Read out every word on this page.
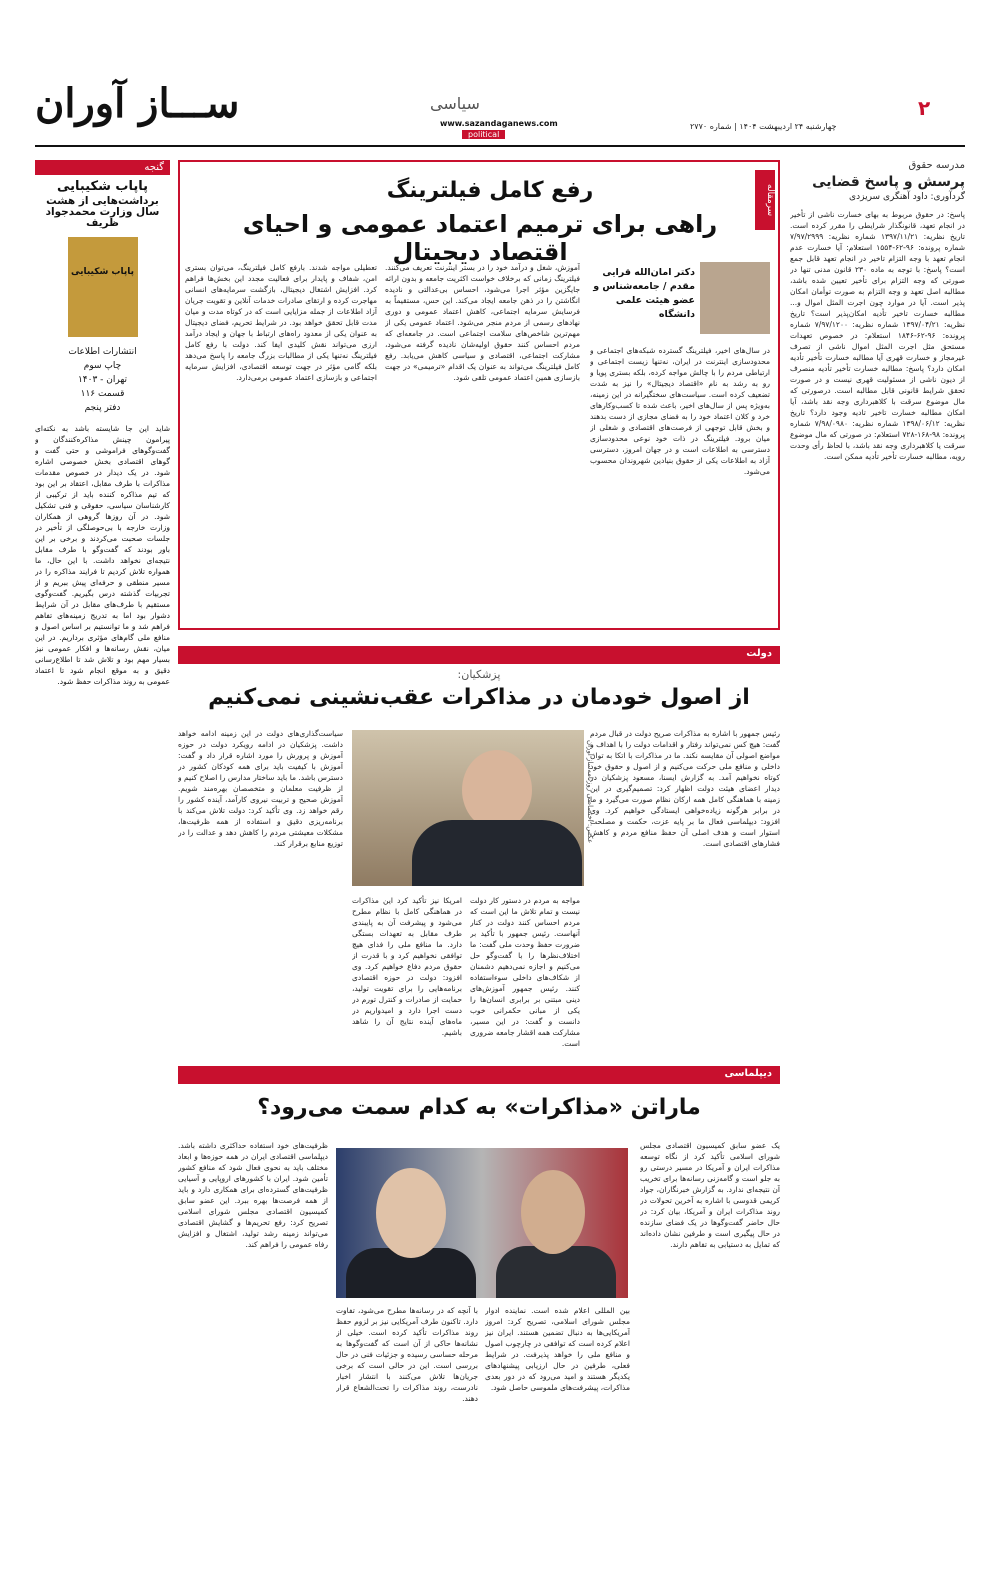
ســـاز آوران	سیاسی
www.sazandaganews.com
political
۲
چهارشنبه ۲۴ اردیبهشت ۱۴۰۴ | شماره ۲۷۷۰
مدرسه حقوق
پرسش و پاسخ قضایی
گردآوری: داود آهنگری سریزدی
پاسخ: در حقوق مربوط به بهای خسارت ناشی از تأخیر در انجام تعهد، قانونگذار شرایطی را مقرر کرده است. تاریخ نظریه: ۱۳۹۷/۱۱/۲۱ شماره نظریه: ۷/۹۷/۲۹۹۹ شماره پرونده: ۹۶-۶۲-۱۵۵۴ استعلام: آیا خسارت عدم انجام تعهد با وجه التزام تاخیر در انجام تعهد قابل جمع است؟ پاسخ: با توجه به ماده ۲۳۰ قانون مدنی تنها در صورتی که وجه التزام برای تأخیر تعیین شده باشد، مطالبه اصل تعهد و وجه التزام به صورت توأمان امکان پذیر است. آیا در موارد چون اجرت المثل اموال و... مطالبه خسارت تاخیر تأدیه امکان‌پذیر است؟ تاریخ نظریه: ۱۳۹۷/۰۴/۲۱ شماره نظریه: ۷/۹۷/۱۲۰۰ شماره پرونده: ۹۶-۶۲-۱۸۴۶ استعلام: در خصوص تعهدات مستحق مثل اجرت المثل اموال ناشی از تصرف غیرمجاز و خسارت قهری آیا مطالبه خسارت تأخیر تأدیه امکان دارد؟ پاسخ: مطالبه خسارت تأخیر تأدیه منصرف از دیون ناشی از مسئولیت قهری نیست و در صورت تحقق شرایط قانونی قابل مطالبه است. درصورتی که مال موضوع سرقت با کلاهبرداری وجه نقد باشد، آیا امکان مطالبه خسارت تاخیر تادیه وجود دارد؟ تاریخ نظریه: ۱۳۹۸/۰۶/۱۲ شماره نظریه: ۷/۹۸/۰۹۸۰ شماره پرونده: ۹۸-۱۶۸-۷۲۸ استعلام: در صورتی که مال موضوع سرقت یا کلاهبرداری وجه نقد باشد، با لحاظ رأی وحدت رویه، مطالبه خسارت تأخیر تأدیه ممکن است.
گنجه
پاپاب شکیبایی
برداشت‌هایی از هشت سال وزارت محمدجواد ظریف
پاپاب شکیبایی
انتشارات اطلاعات
چاپ سوم
تهران - ۱۴۰۳
قسمت ۱۱۶
دفتر پنجم
شاید این جا شایسته باشد به نکته‌ای پیرامون چینش مذاکره‌کنندگان و گفت‌وگوهای فراموشی و حتی گفت و گوهای اقتصادی بخش خصوصی اشاره شود. در یک دیدار در خصوص مقدمات مذاکرات با طرف مقابل، اعتقاد بر این بود که تیم مذاکره کننده باید از ترکیبی از کارشناسان سیاسی، حقوقی و فنی تشکیل شود. در آن روزها گروهی از همکاران وزارت خارجه با بی‌حوصلگی از تأخیر در جلسات صحبت می‌کردند و برخی بر این باور بودند که گفت‌وگو با طرف مقابل نتیجه‌ای نخواهد داشت. با این حال، ما همواره تلاش کردیم تا فرایند مذاکره را در مسیر منطقی و حرفه‌ای پیش ببریم و از تجربیات گذشته درس بگیریم. گفت‌وگوی مستقیم با طرف‌های مقابل در آن شرایط دشوار بود اما به تدریج زمینه‌های تفاهم فراهم شد و ما توانستیم بر اساس اصول و منافع ملی گام‌های مؤثری برداریم. در این میان، نقش رسانه‌ها و افکار عمومی نیز بسیار مهم بود و تلاش شد تا اطلاع‌رسانی دقیق و به موقع انجام شود تا اعتماد عمومی به روند مذاکرات حفظ شود.
سرمقاله
رفع کامل فیلترینگ
راهی برای ترمیم اعتماد عمومی و احیای اقتصاد دیجیتال
دکتر امان‌الله قرایی
مقدم / جامعه‌شناس و عضو هیئت علمی دانشگاه
در سال‌های اخیر، فیلترینگ گسترده شبکه‌های اجتماعی و محدودسازی اینترنت در ایران، نه‌تنها زیست اجتماعی و ارتباطی مردم را با چالش مواجه کرده، بلکه بستری پویا و رو به رشد به نام «اقتصاد دیجیتال» را نیز به شدت تضعیف کرده است. سیاست‌های سختگیرانه در این زمینه، به‌ویژه پس از سال‌های اخیر، باعث شده تا کسب‌وکارهای خرد و کلان اعتماد خود را به فضای مجازی از دست بدهند و بخش قابل توجهی از فرصت‌های اقتصادی و شغلی از میان برود. فیلترینگ در ذات خود نوعی محدودسازی دسترسی به اطلاعات است و در جهان امروز، دسترسی آزاد به اطلاعات یکی از حقوق بنیادین شهروندان محسوب می‌شود.
آموزش، شغل و درآمد خود را در بستر اینترنت تعریف می‌کنند. فیلترینگ زمانی که برخلاف خواست اکثریت جامعه و بدون ارائه جایگزین مؤثر اجرا می‌شود، احساس بی‌عدالتی و نادیده انگاشتن را در ذهن جامعه ایجاد می‌کند. این حس، مستقیماً به فرسایش سرمایه اجتماعی، کاهش اعتماد عمومی و دوری نهادهای رسمی از مردم منجر می‌شود. اعتماد عمومی یکی از مهم‌ترین شاخص‌های سلامت اجتماعی است. در جامعه‌ای که مردم احساس کنند حقوق اولیه‌شان نادیده گرفته می‌شود، مشارکت اجتماعی، اقتصادی و سیاسی کاهش می‌یابد. رفع کامل فیلترینگ می‌تواند به عنوان یک اقدام «ترمیمی» در جهت بازسازی همین اعتماد عمومی تلقی شود.
تعطیلی مواجه شدند. بارفع کامل فیلترینگ، می‌توان بستری امن، شفاف و پایدار برای فعالیت مجدد این بخش‌ها فراهم کرد. افزایش اشتغال دیجیتال، بازگشت سرمایه‌های انسانی مهاجرت کرده و ارتقای صادرات خدمات آنلاین و تقویت جریان آزاد اطلاعات از جمله مزایایی است که در کوتاه مدت و میان مدت قابل تحقق خواهد بود. در شرایط تحریم، فضای دیجیتال به عنوان یکی از معدود راه‌های ارتباط با جهان و ایجاد درآمد ارزی می‌تواند نقش کلیدی ایفا کند. دولت با رفع کامل فیلترینگ نه‌تنها یکی از مطالبات بزرگ جامعه را پاسخ می‌دهد بلکه گامی مؤثر در جهت توسعه اقتصادی، افزایش سرمایه اجتماعی و بازسازی اعتماد عمومی برمی‌دارد.
دولت
پزشکیان:
از اصول خودمان در مذاکرات عقب‌نشینی نمی‌کنیم
رئیس جمهور با اشاره به مذاکرات صریح دولت در قبال مردم گفت: هیچ کس نمی‌تواند رفتار و اقدامات دولت را با اهداف و مواضع اصولی آن مقایسه نکند. ما در مذاکرات با اتکا به توان داخلی و منافع ملی حرکت می‌کنیم و از اصول و حقوق خود کوتاه نخواهیم آمد. به گزارش ایسنا، مسعود پزشکیان در دیدار اعضای هیئت دولت اظهار کرد: تصمیم‌گیری در این زمینه با هماهنگی کامل همه ارکان نظام صورت می‌گیرد و ما در برابر هرگونه زیاده‌خواهی ایستادگی خواهیم کرد. وی افزود: دیپلماسی فعال ما بر پایه عزت، حکمت و مصلحت استوار است و هدف اصلی آن حفظ منافع مردم و کاهش فشارهای اقتصادی است.
عکس: اختصاصی روزنامه‌ساز آوران
سیاست‌گذاری‌های دولت در این زمینه ادامه خواهد داشت. پزشکیان در ادامه رویکرد دولت در حوزه آموزش و پرورش را مورد اشاره قرار داد و گفت: آموزش با کیفیت باید برای همه کودکان کشور در دسترس باشد. ما باید ساختار مدارس را اصلاح کنیم و از ظرفیت معلمان و متخصصان بهره‌مند شویم. آموزش صحیح و تربیت نیروی کارآمد، آینده کشور را رقم خواهد زد. وی تأکید کرد: دولت تلاش می‌کند با برنامه‌ریزی دقیق و استفاده از همه ظرفیت‌ها، مشکلات معیشتی مردم را کاهش دهد و عدالت را در توزیع منابع برقرار کند.
مواجه به مردم در دستور کار دولت نیست و تمام تلاش ما این است که مردم احساس کنند دولت در کنار آنهاست. رئیس جمهور با تأکید بر ضرورت حفظ وحدت ملی گفت: ما اختلاف‌نظرها را با گفت‌وگو حل می‌کنیم و اجازه نمی‌دهیم دشمنان از شکاف‌های داخلی سوء‌استفاده کنند. رئیس جمهور آموزش‌های دینی مبتنی بر برابری انسان‌ها را یکی از مبانی حکمرانی خوب دانست و گفت: در این مسیر، مشارکت همه اقشار جامعه ضروری است.
امریکا نیز تأکید کرد این مذاکرات در هماهنگی کامل با نظام مطرح می‌شود و پیشرفت آن به پایبندی طرف مقابل به تعهدات بستگی دارد. ما منافع ملی را فدای هیچ توافقی نخواهیم کرد و با قدرت از حقوق مردم دفاع خواهیم کرد. وی افزود: دولت در حوزه اقتصادی برنامه‌هایی را برای تقویت تولید، حمایت از صادرات و کنترل تورم در دست اجرا دارد و امیدواریم در ماه‌های آینده نتایج آن را شاهد باشیم.
دیپلماسی
ماراتن «مذاکرات» به کدام سمت می‌رود؟
یک عضو سابق کمیسیون اقتصادی مجلس شورای اسلامی تأکید کرد از نگاه توسعه مذاکرات ایران و آمریکا در مسیر درستی رو به جلو است و گامه‌زنی رسانه‌ها برای تخریب آن نتیجه‌ای ندارد. به گزارش خبرنگاران، جواد کریمی قدوسی با اشاره به آخرین تحولات در روند مذاکرات ایران و آمریکا، بیان کرد: در حال حاضر گفت‌وگوها در یک فضای سازنده در حال پیگیری است و طرفین نشان داده‌اند که تمایل به دستیابی به تفاهم دارند.
بین المللی اعلام شده است. نماینده ادوار مجلس شورای اسلامی، تصریح کرد: امروز آمریکایی‌ها به دنبال تضمین هستند. ایران نیز اعلام کرده است که توافقی در چارچوب اصول و منافع ملی را خواهد پذیرفت. در شرایط فعلی، طرفین در حال ارزیابی پیشنهادهای یکدیگر هستند و امید می‌رود که در دور بعدی مذاکرات، پیشرفت‌های ملموسی حاصل شود.
با آنچه که در رسانه‌ها مطرح می‌شود، تفاوت دارد. تاکنون طرف آمریکایی نیز بر لزوم حفظ روند مذاکرات تأکید کرده است. خیلی از نشانه‌ها حاکی از آن است که گفت‌وگوها به مرحله حساسی رسیده و جزئیات فنی در حال بررسی است. این در حالی است که برخی جریان‌ها تلاش می‌کنند با انتشار اخبار نادرست، روند مذاکرات را تحت‌الشعاع قرار دهند.
ظرفیت‌های خود استفاده حداکثری داشته باشد. دیپلماسی اقتصادی ایران در همه حوزه‌ها و ابعاد مختلف باید به نحوی فعال شود که منافع کشور تأمین شود. ایران با کشورهای اروپایی و آسیایی ظرفیت‌های گسترده‌ای برای همکاری دارد و باید از همه فرصت‌ها بهره ببرد. این عضو سابق کمیسیون اقتصادی مجلس شورای اسلامی تصریح کرد: رفع تحریم‌ها و گشایش اقتصادی می‌تواند زمینه رشد تولید، اشتغال و افزایش رفاه عمومی را فراهم کند.
